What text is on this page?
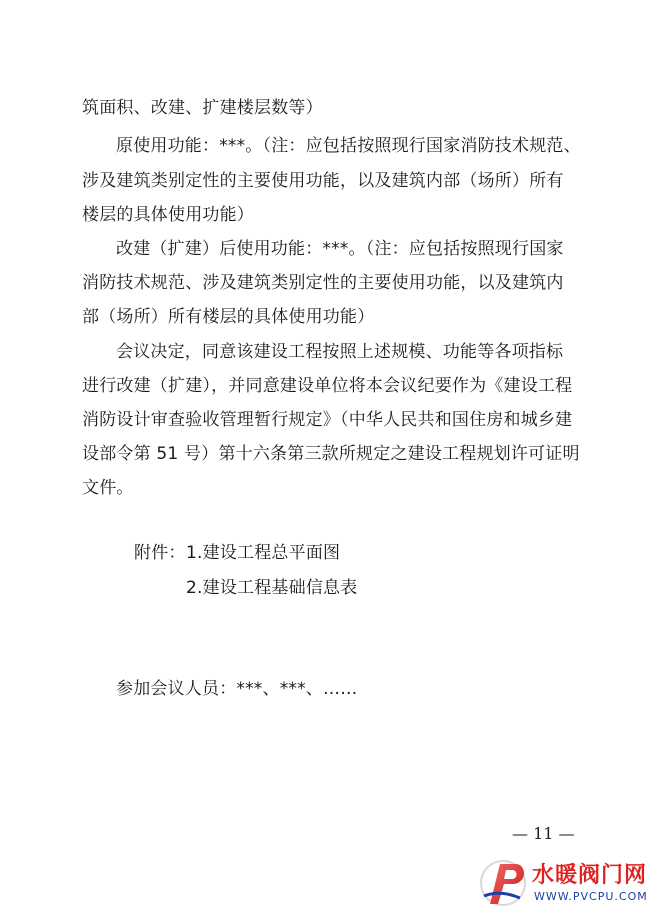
筑面积、改建、扩建楼层数等）
原使用功能：***。（注：应包括按照现行国家消防技术规范、
涉及建筑类别定性的主要使用功能，以及建筑内部（场所）所有
楼层的具体使用功能）
改建（扩建）后使用功能：***。（注：应包括按照现行国家
消防技术规范、涉及建筑类别定性的主要使用功能，以及建筑内
部（场所）所有楼层的具体使用功能）
会议决定，同意该建设工程按照上述规模、功能等各项指标
进行改建（扩建），并同意建设单位将本会议纪要作为《建设工程
消防设计审查验收管理暂行规定》（中华人民共和国住房和城乡建
设部令第 51 号）第十六条第三款所规定之建设工程规划许可证明
文件。
附件： 1.建设工程总平面图
2.建设工程基础信息表
参加会议人员：***、***、……
— 11 —
水暖阀门网
WWW.PVCPU.COM
